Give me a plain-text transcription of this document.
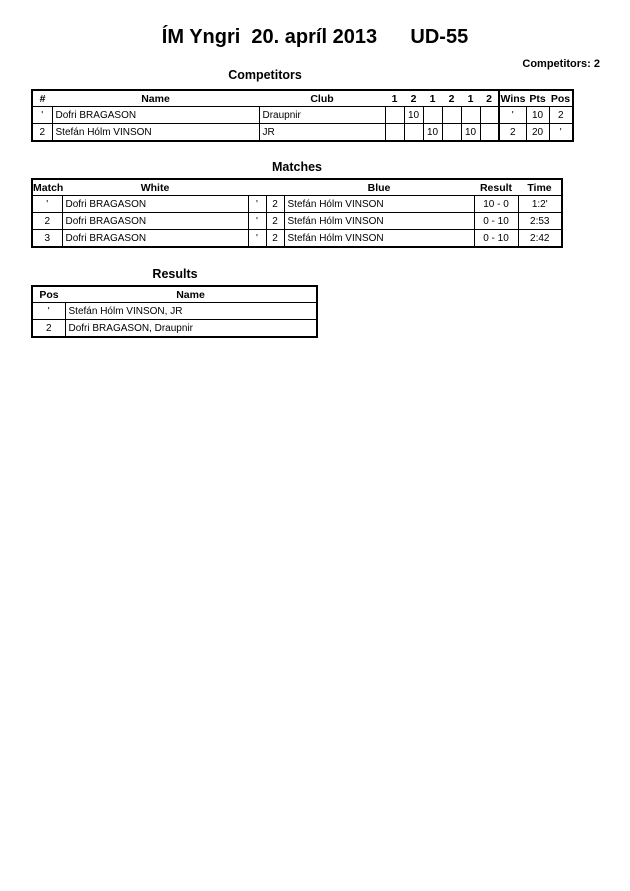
ÍM Yngri  20. apríl 2013      UD-55
Competitors: 2
Competitors
#	Name	Club	1	2	1	2	1	2	Wins	Pts	Pos
'	Dofri BRAGASON	Draupnir		10					'	10	2
2	Stefán Hólm VINSON	JR			10		10		2	20	'
Matches
Match	White			Blue	Result	Time
'	Dofri BRAGASON	'	2	Stefán Hólm VINSON	10 - 0	1:2'
2	Dofri BRAGASON	'	2	Stefán Hólm VINSON	0 - 10	2:53
3	Dofri BRAGASON	'	2	Stefán Hólm VINSON	0 - 10	2:42
Results
Pos	Name
'	Stefán Hólm VINSON, JR
2	Dofri BRAGASON, Draupnir
